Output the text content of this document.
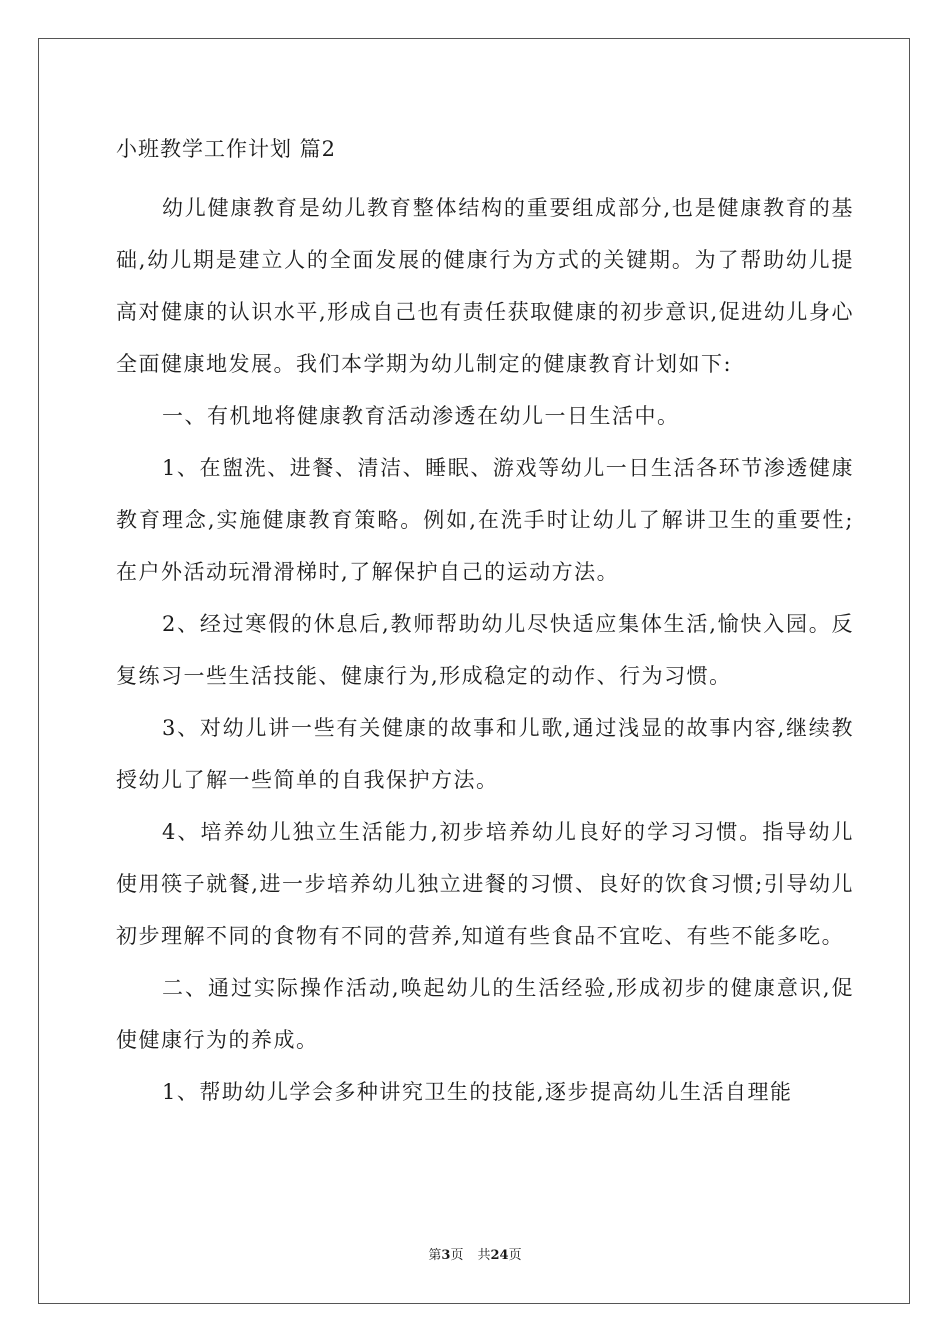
小班教学工作计划 篇2

幼儿健康教育是幼儿教育整体结构的重要组成部分,也是健康教育的基础,幼儿期是建立人的全面发展的健康行为方式的关键期。为了帮助幼儿提高对健康的认识水平,形成自己也有责任获取健康的初步意识,促进幼儿身心全面健康地发展。我们本学期为幼儿制定的健康教育计划如下:

一、有机地将健康教育活动渗透在幼儿一日生活中。

1、在盥洗、进餐、清洁、睡眠、游戏等幼儿一日生活各环节渗透健康教育理念,实施健康教育策略。例如,在洗手时让幼儿了解讲卫生的重要性;在户外活动玩滑滑梯时,了解保护自己的运动方法。

2、经过寒假的休息后,教师帮助幼儿尽快适应集体生活,愉快入园。反复练习一些生活技能、健康行为,形成稳定的动作、行为习惯。

3、对幼儿讲一些有关健康的故事和儿歌,通过浅显的故事内容,继续教授幼儿了解一些简单的自我保护方法。

4、培养幼儿独立生活能力,初步培养幼儿良好的学习习惯。指导幼儿使用筷子就餐,进一步培养幼儿独立进餐的习惯、良好的饮食习惯;引导幼儿初步理解不同的食物有不同的营养,知道有些食品不宜吃、有些不能多吃。

二、通过实际操作活动,唤起幼儿的生活经验,形成初步的健康意识,促使健康行为的养成。

1、帮助幼儿学会多种讲究卫生的技能,逐步提高幼儿生活自理能

第3页 共24页
